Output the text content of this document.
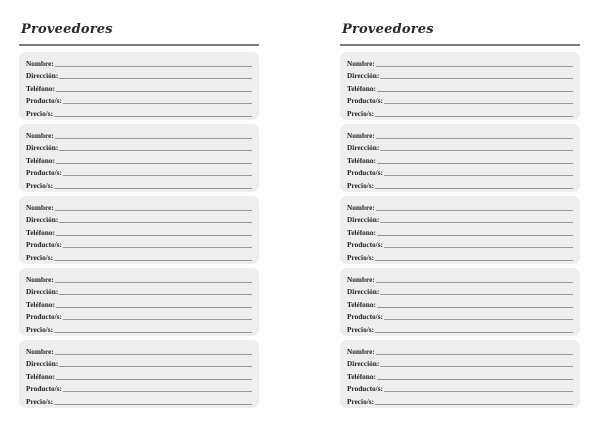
Proveedores
Nombre:
Dirección:
Teléfono:
Producto/s:
Precio/s:
Nombre:
Dirección:
Teléfono:
Producto/s:
Precio/s:
Nombre:
Dirección:
Teléfono:
Producto/s:
Precio/s:
Nombre:
Dirección:
Teléfono:
Producto/s:
Precio/s:
Nombre:
Dirección:
Teléfono:
Producto/s:
Precio/s:
Proveedores
Nombre:
Dirección:
Teléfono:
Producto/s:
Precio/s:
Nombre:
Dirección:
Teléfono:
Producto/s:
Precio/s:
Nombre:
Dirección:
Teléfono:
Producto/s:
Precio/s:
Nombre:
Dirección:
Teléfono:
Producto/s:
Precio/s:
Nombre:
Dirección:
Teléfono:
Producto/s:
Precio/s:
